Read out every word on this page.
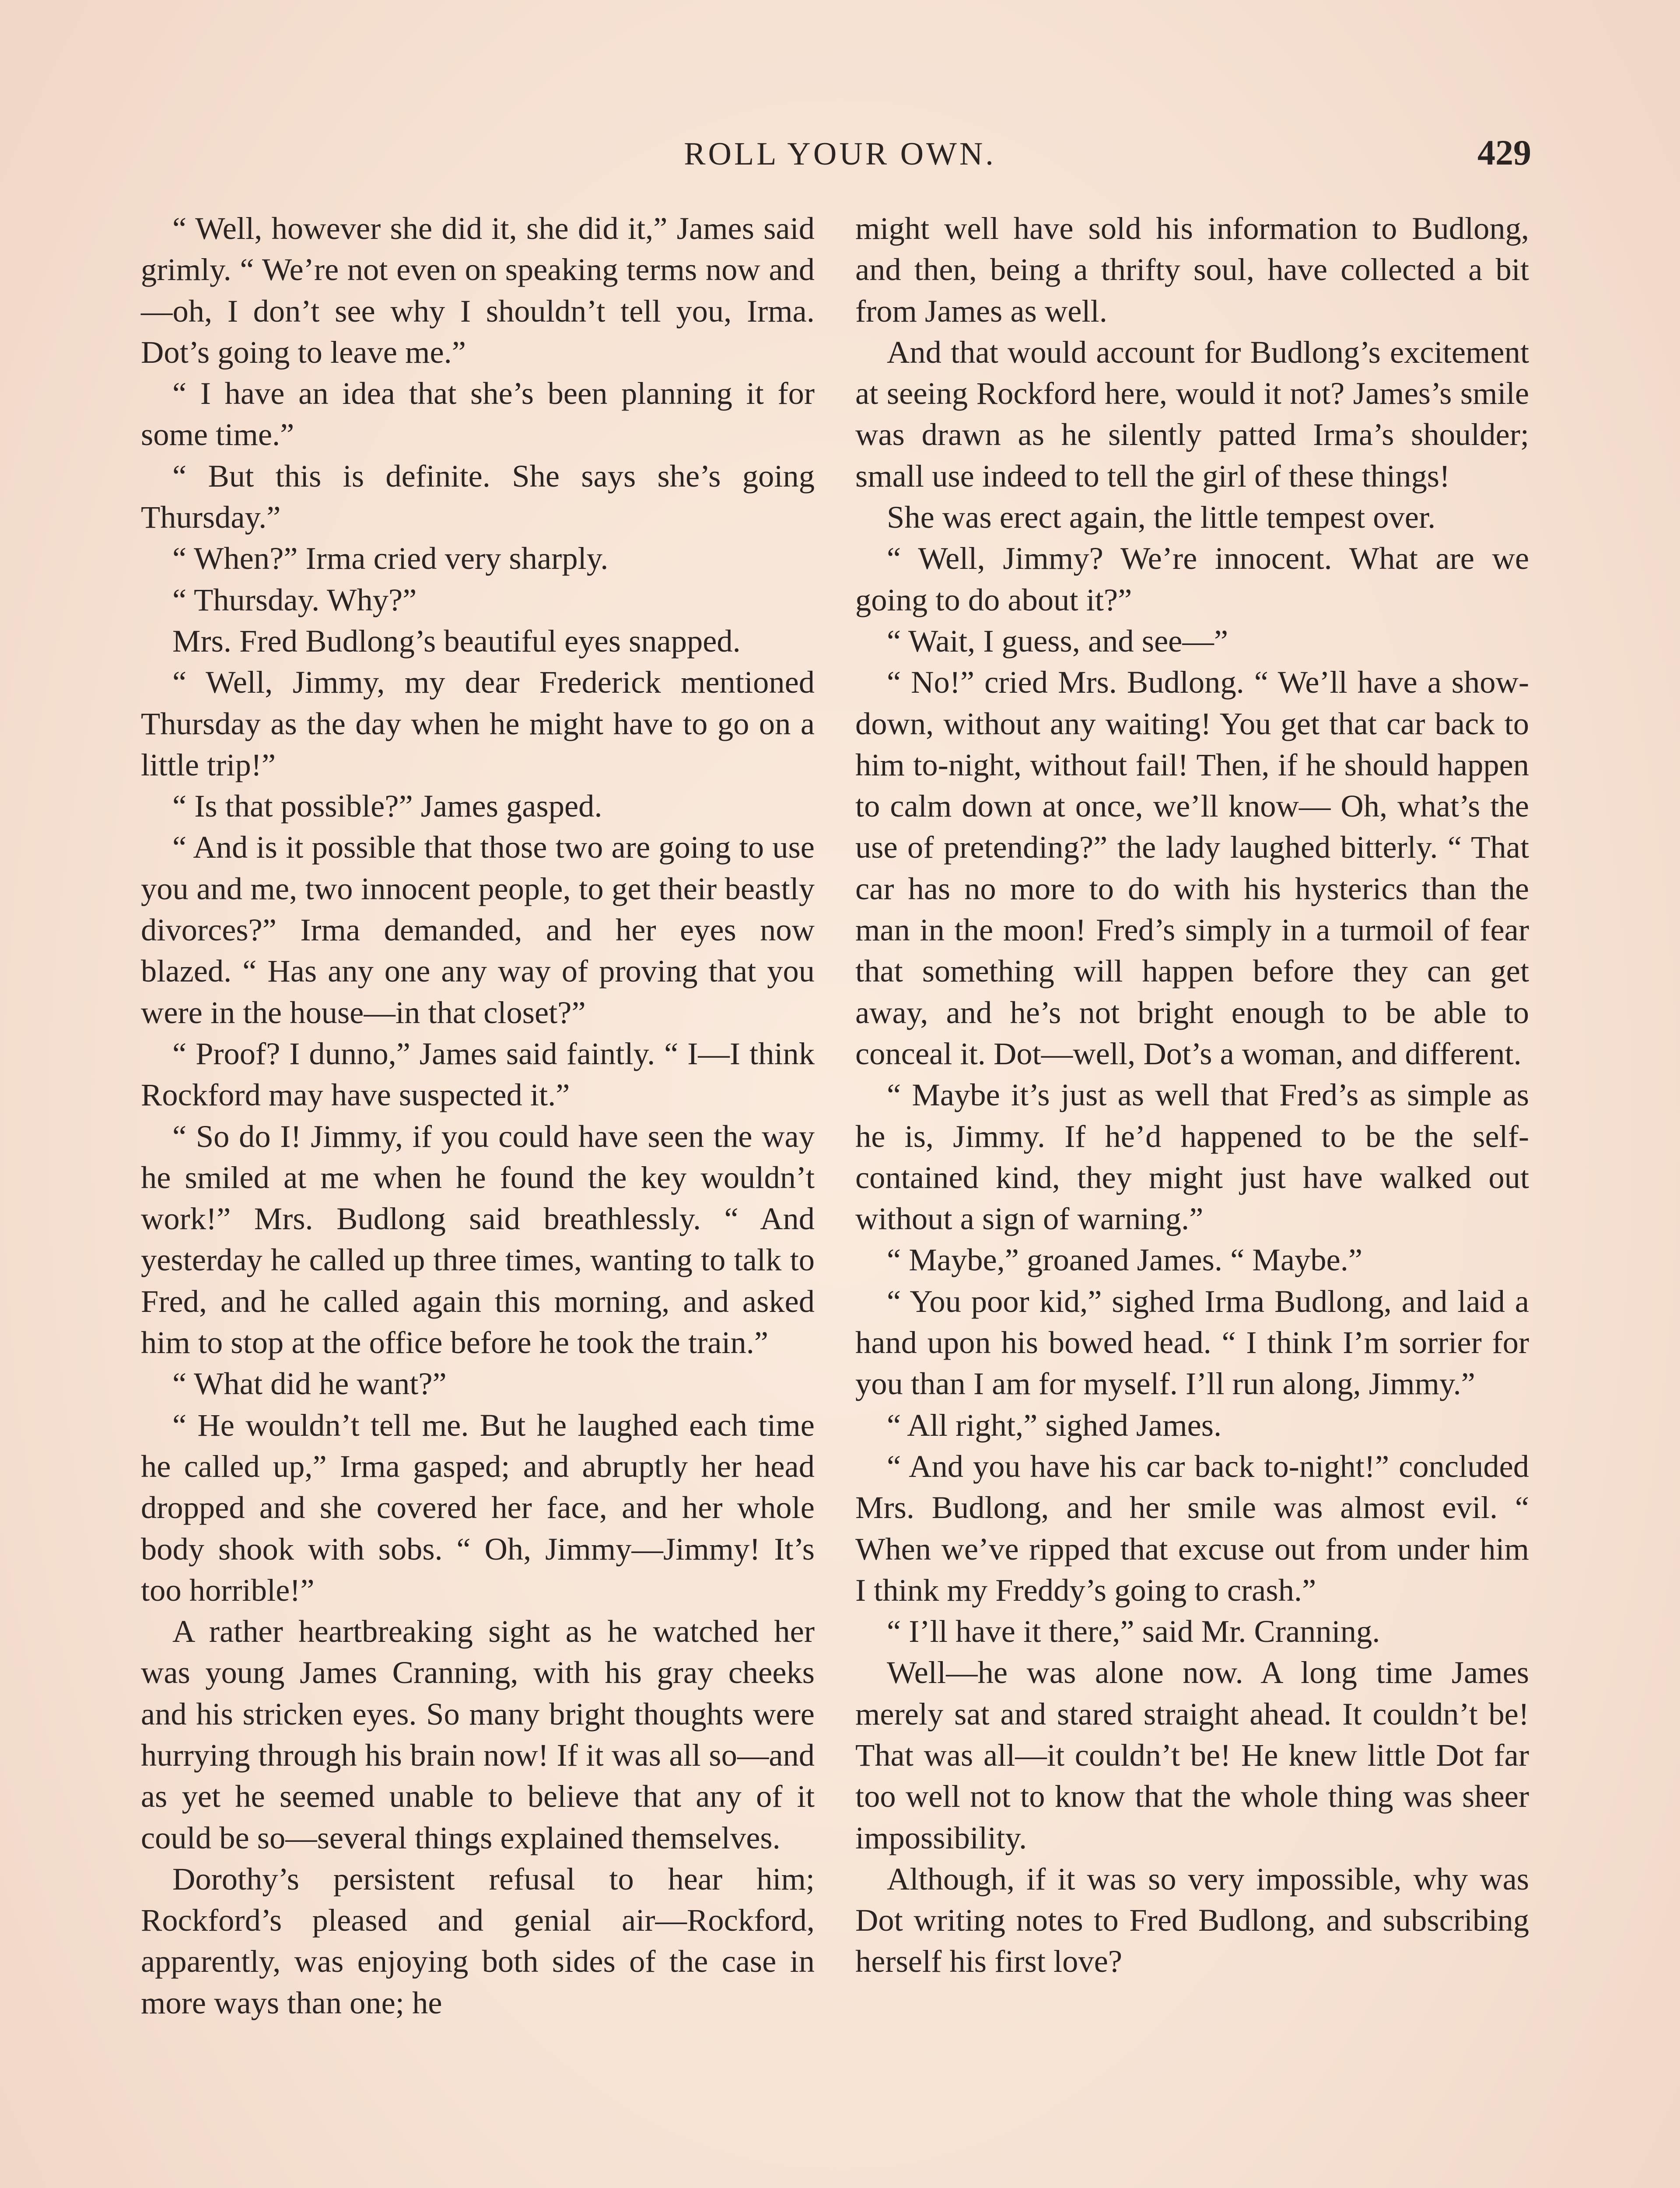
ROLL YOUR OWN.	429

“ Well, however she did it, she did it,” James said grimly. “ We’re not even on speaking terms now and—oh, I don’t see why I shouldn’t tell you, Irma. Dot’s going to leave me.”

“ I have an idea that she’s been planning it for some time.”

“ But this is definite. She says she’s going Thursday.”

“ When?” Irma cried very sharply.

“ Thursday. Why?”

Mrs. Fred Budlong’s beautiful eyes snapped.

“ Well, Jimmy, my dear Frederick mentioned Thursday as the day when he might have to go on a little trip!”

“ Is that possible?” James gasped.

“ And is it possible that those two are going to use you and me, two innocent people, to get their beastly divorces?” Irma demanded, and her eyes now blazed. “ Has any one any way of proving that you were in the house—in that closet?”

“ Proof? I dunno,” James said faintly. “ I—I think Rockford may have suspected it.”

“ So do I! Jimmy, if you could have seen the way he smiled at me when he found the key wouldn’t work!” Mrs. Budlong said breathlessly. “ And yesterday he called up three times, wanting to talk to Fred, and he called again this morning, and asked him to stop at the office before he took the train.”

“ What did he want?”

“ He wouldn’t tell me. But he laughed each time he called up,” Irma gasped; and abruptly her head dropped and she covered her face, and her whole body shook with sobs. “ Oh, Jimmy—Jimmy! It’s too horrible!”

A rather heartbreaking sight as he watched her was young James Cranning, with his gray cheeks and his stricken eyes. So many bright thoughts were hurrying through his brain now! If it was all so—and as yet he seemed unable to believe that any of it could be so—several things explained themselves.

Dorothy’s persistent refusal to hear him; Rockford’s pleased and genial air—Rockford, apparently, was enjoying both sides of the case in more ways than one; he

might well have sold his information to Budlong, and then, being a thrifty soul, have collected a bit from James as well.

And that would account for Budlong’s excitement at seeing Rockford here, would it not? James’s smile was drawn as he silently patted Irma’s shoulder; small use indeed to tell the girl of these things!

She was erect again, the little tempest over.

“ Well, Jimmy? We’re innocent. What are we going to do about it?”

“ Wait, I guess, and see—”

“ No!” cried Mrs. Budlong. “ We’ll have a show-down, without any waiting! You get that car back to him to-night, without fail! Then, if he should happen to calm down at once, we’ll know— Oh, what’s the use of pretending?” the lady laughed bitterly. “ That car has no more to do with his hysterics than the man in the moon! Fred’s simply in a turmoil of fear that something will happen before they can get away, and he’s not bright enough to be able to conceal it. Dot—well, Dot’s a woman, and different.

“ Maybe it’s just as well that Fred’s as simple as he is, Jimmy. If he’d happened to be the self-contained kind, they might just have walked out without a sign of warning.”

“ Maybe,” groaned James. “ Maybe.”

“ You poor kid,” sighed Irma Budlong, and laid a hand upon his bowed head. “ I think I’m sorrier for you than I am for myself. I’ll run along, Jimmy.”

“ All right,” sighed James.

“ And you have his car back to-night!” concluded Mrs. Budlong, and her smile was almost evil. “ When we’ve ripped that excuse out from under him I think my Freddy’s going to crash.”

“ I’ll have it there,” said Mr. Cranning.

Well—he was alone now. A long time James merely sat and stared straight ahead. It couldn’t be! That was all—it couldn’t be! He knew little Dot far too well not to know that the whole thing was sheer impossibility.

Although, if it was so very impossible, why was Dot writing notes to Fred Budlong, and subscribing herself his first love?
